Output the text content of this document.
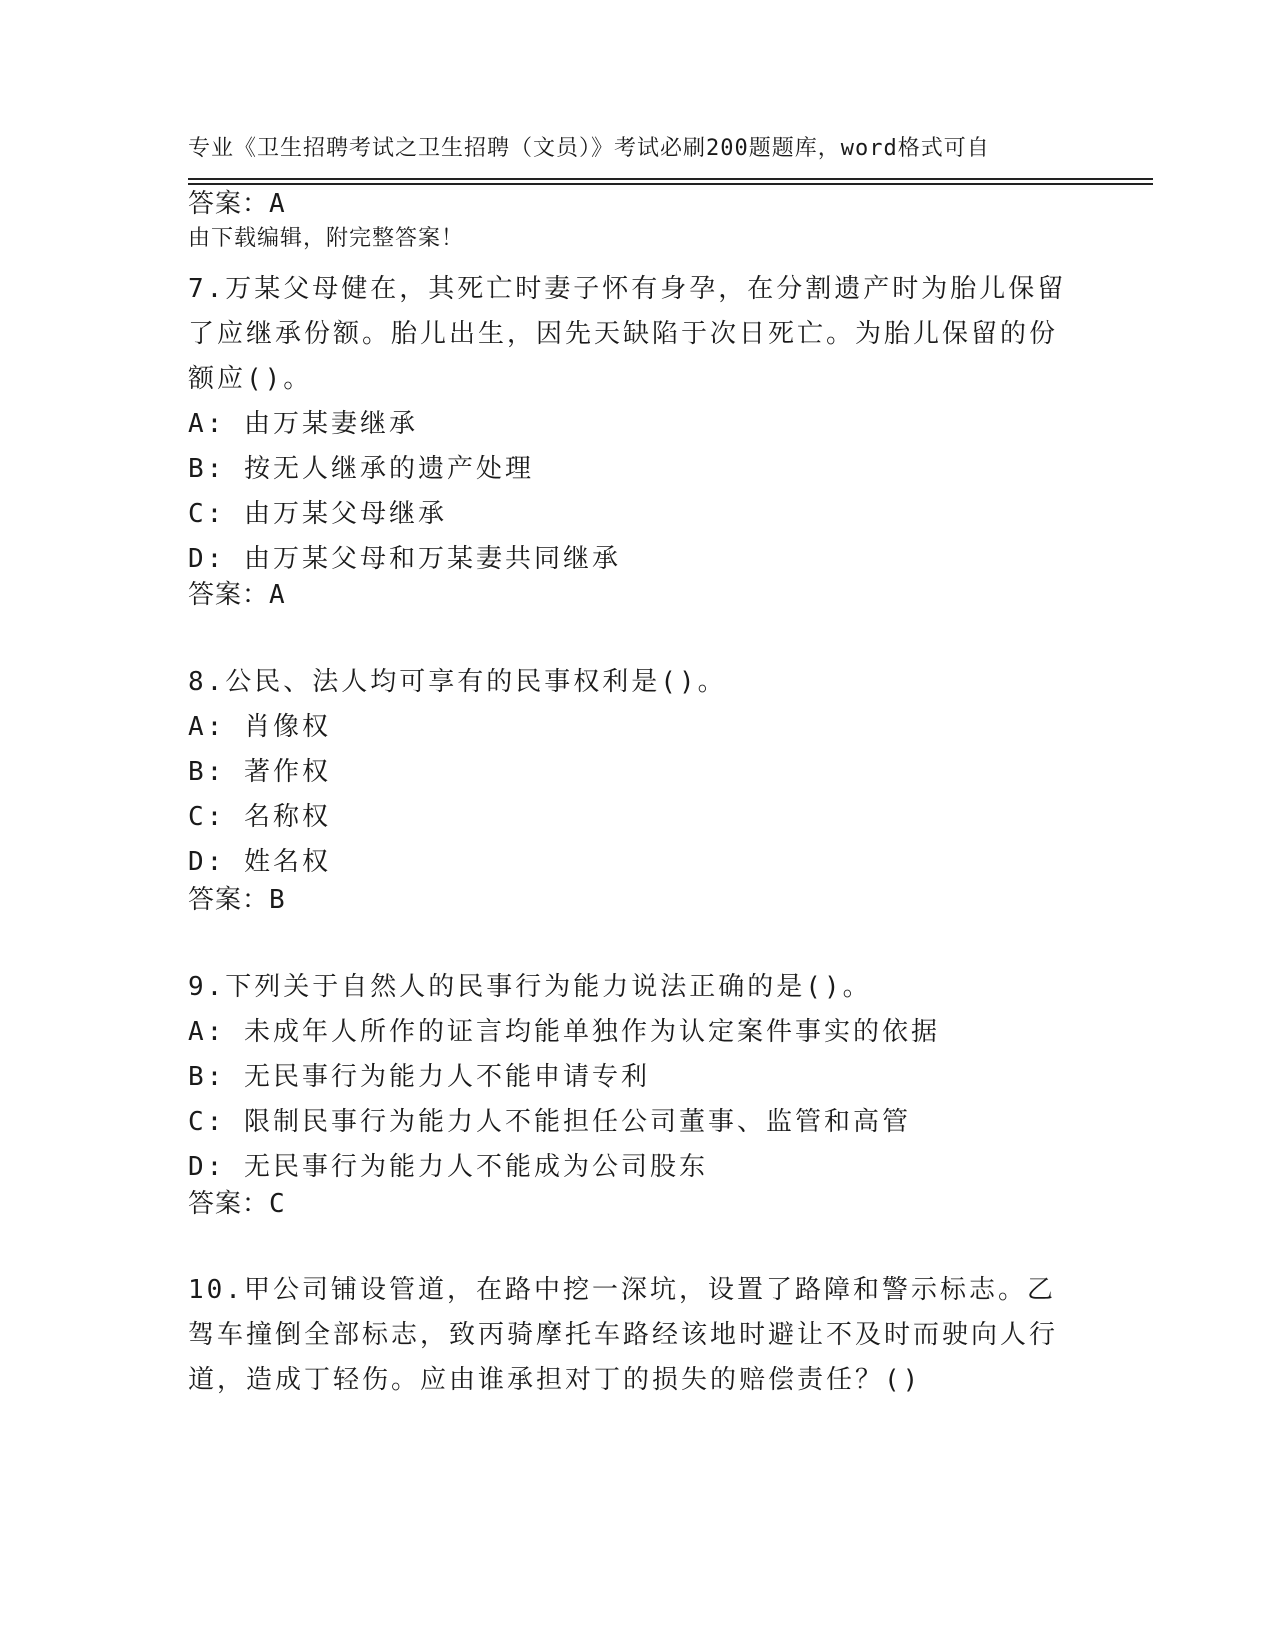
专业《卫生招聘考试之卫生招聘（文员）》考试必刷200题题库，word格式可自

由下载编辑，附完整答案！

答案：A

7.万某父母健在，其死亡时妻子怀有身孕，在分割遗产时为胎儿保留了应继承份额。胎儿出生，因先天缺陷于次日死亡。为胎儿保留的份额应()。

A: 由万某妻继承

B: 按无人继承的遗产处理

C: 由万某父母继承

D: 由万某父母和万某妻共同继承

答案：A

8.公民、法人均可享有的民事权利是()。

A: 肖像权

B: 著作权

C: 名称权

D: 姓名权

答案：B

9.下列关于自然人的民事行为能力说法正确的是()。

A: 未成年人所作的证言均能单独作为认定案件事实的依据

B: 无民事行为能力人不能申请专利

C: 限制民事行为能力人不能担任公司董事、监管和高管

D: 无民事行为能力人不能成为公司股东

答案：C

10.甲公司铺设管道，在路中挖一深坑，设置了路障和警示标志。乙驾车撞倒全部标志，致丙骑摩托车路经该地时避让不及时而驶向人行道，造成丁轻伤。应由谁承担对丁的损失的赔偿责任？()
